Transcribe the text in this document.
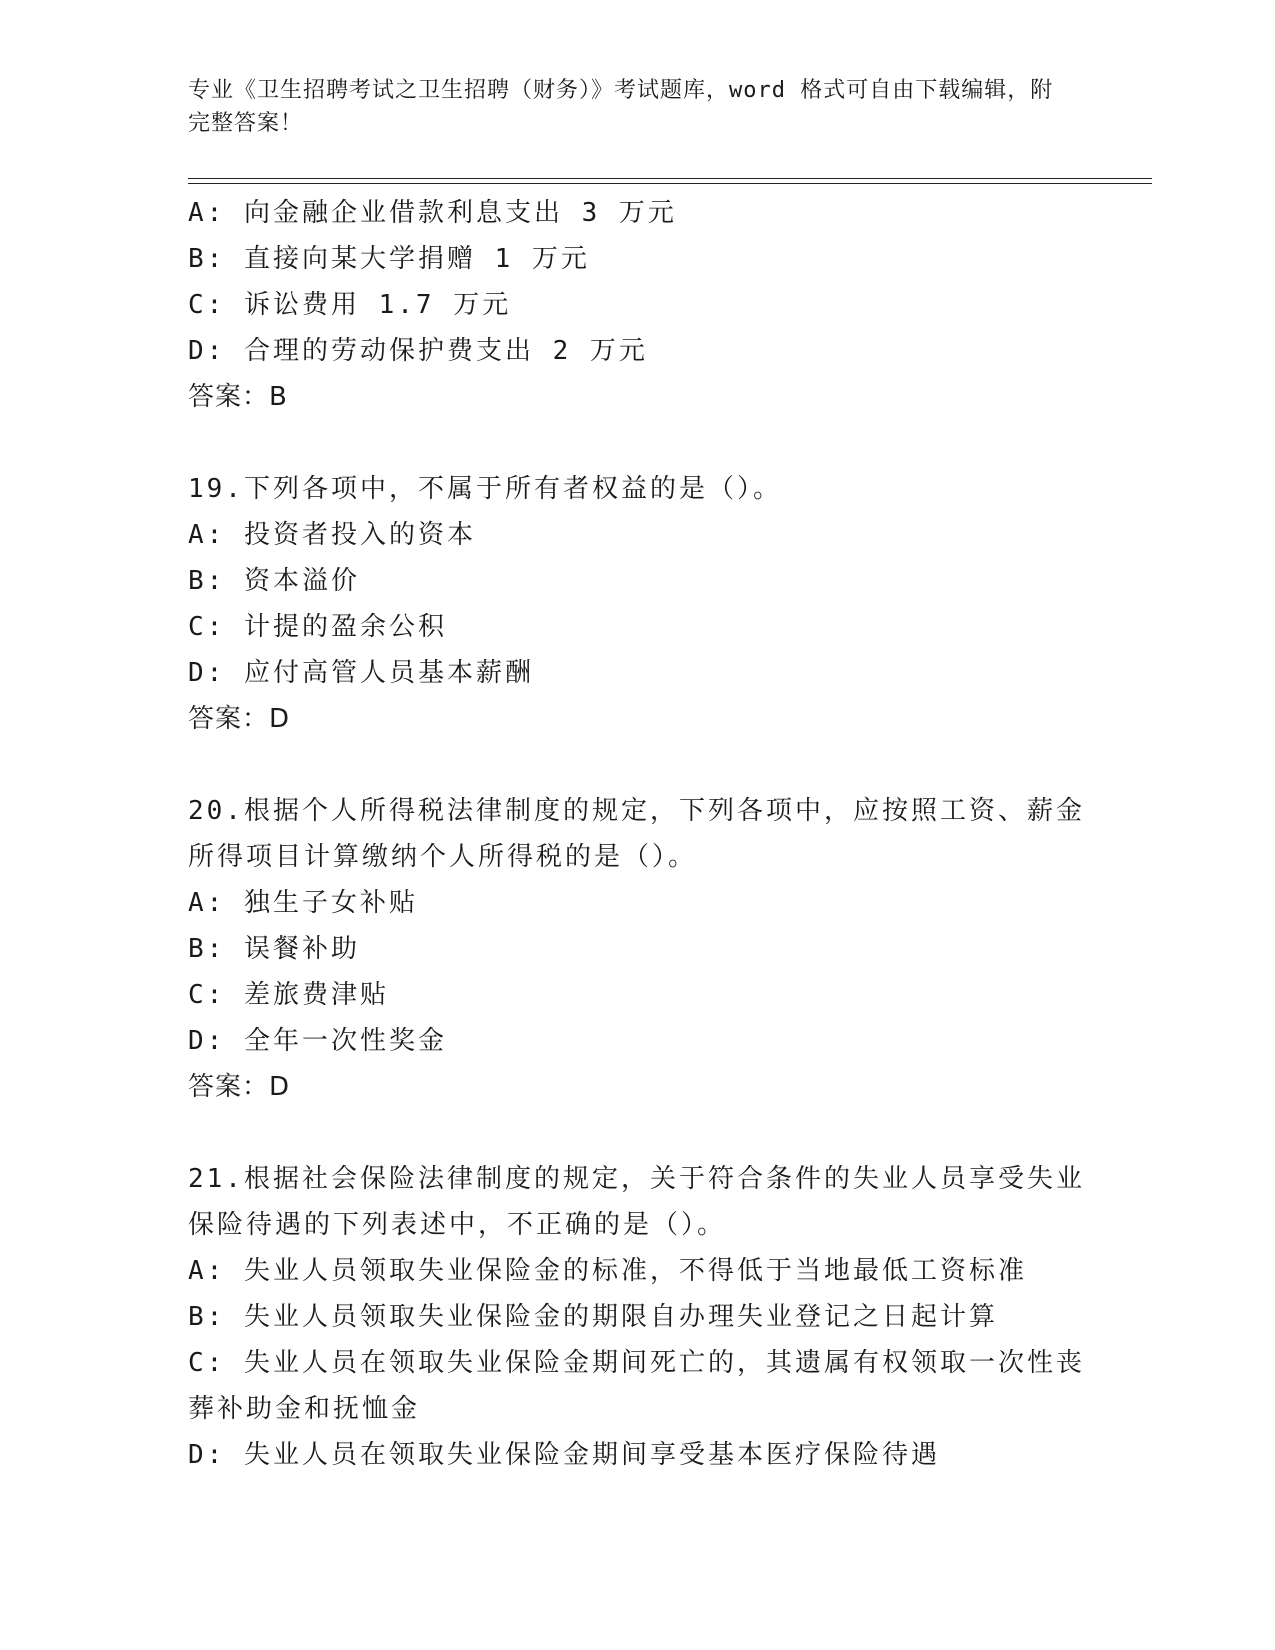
专业《卫生招聘考试之卫生招聘（财务）》考试题库，word 格式可自由下载编辑，附完整答案！
A: 向金融企业借款利息支出 3 万元
B: 直接向某大学捐赠 1 万元
C: 诉讼费用 1.7 万元
D: 合理的劳动保护费支出 2 万元
答案：B
19.下列各项中，不属于所有者权益的是（）。
A: 投资者投入的资本
B: 资本溢价
C: 计提的盈余公积
D: 应付高管人员基本薪酬
答案：D
20.根据个人所得税法律制度的规定，下列各项中，应按照工资、薪金
所得项目计算缴纳个人所得税的是（）。
A: 独生子女补贴
B: 误餐补助
C: 差旅费津贴
D: 全年一次性奖金
答案：D
21.根据社会保险法律制度的规定，关于符合条件的失业人员享受失业
保险待遇的下列表述中，不正确的是（）。
A: 失业人员领取失业保险金的标准，不得低于当地最低工资标准
B: 失业人员领取失业保险金的期限自办理失业登记之日起计算
C: 失业人员在领取失业保险金期间死亡的，其遗属有权领取一次性丧
葬补助金和抚恤金
D: 失业人员在领取失业保险金期间享受基本医疗保险待遇
